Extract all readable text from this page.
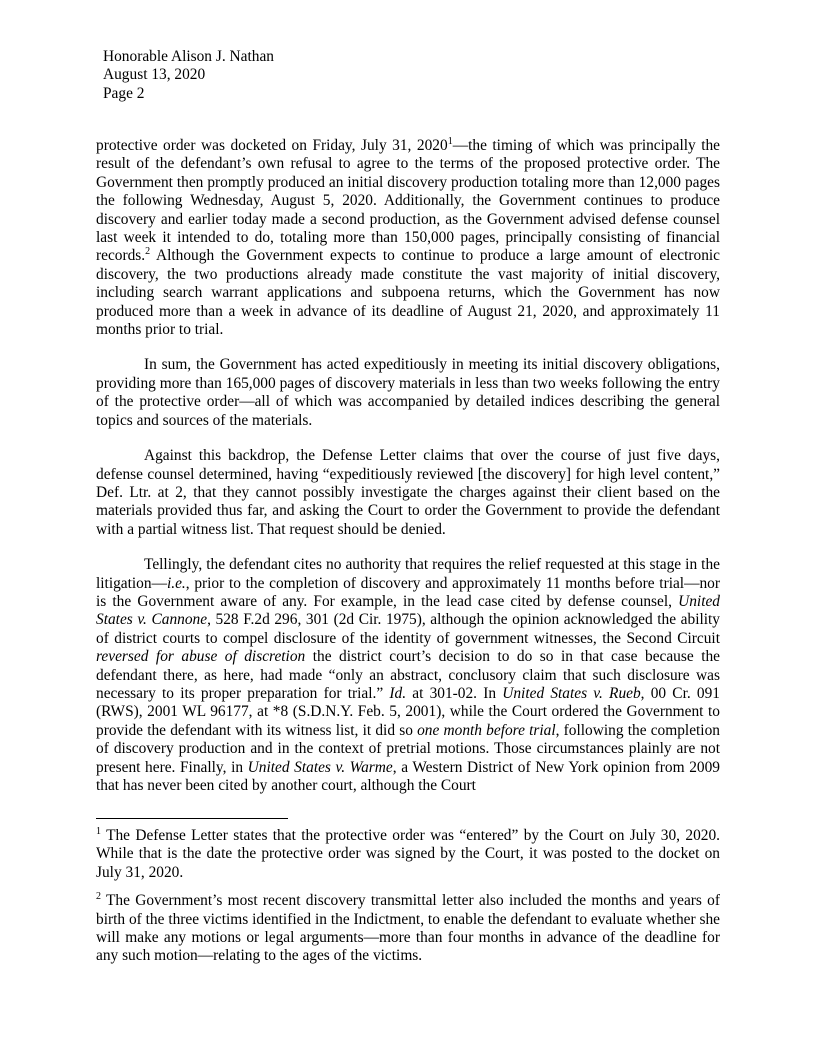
Honorable Alison J. Nathan
August 13, 2020
Page 2

protective order was docketed on Friday, July 31, 2020$^1$—the timing of which was principally the result of the defendant’s own refusal to agree to the terms of the proposed protective order. The Government then promptly produced an initial discovery production totaling more than 12,000 pages the following Wednesday, August 5, 2020. Additionally, the Government continues to produce discovery and earlier today made a second production, as the Government advised defense counsel last week it intended to do, totaling more than 150,000 pages, principally consisting of financial records.$^2$ Although the Government expects to continue to produce a large amount of electronic discovery, the two productions already made constitute the vast majority of initial discovery, including search warrant applications and subpoena returns, which the Government has now produced more than a week in advance of its deadline of August 21, 2020, and approximately 11 months prior to trial.

In sum, the Government has acted expeditiously in meeting its initial discovery obligations, providing more than 165,000 pages of discovery materials in less than two weeks following the entry of the protective order—all of which was accompanied by detailed indices describing the general topics and sources of the materials.

Against this backdrop, the Defense Letter claims that over the course of just five days, defense counsel determined, having “expeditiously reviewed [the discovery] for high level content,” Def. Ltr. at 2, that they cannot possibly investigate the charges against their client based on the materials provided thus far, and asking the Court to order the Government to provide the defendant with a partial witness list. That request should be denied.

Tellingly, the defendant cites no authority that requires the relief requested at this stage in the litigation—i.e., prior to the completion of discovery and approximately 11 months before trial—nor is the Government aware of any. For example, in the lead case cited by defense counsel, United States v. Cannone, 528 F.2d 296, 301 (2d Cir. 1975), although the opinion acknowledged the ability of district courts to compel disclosure of the identity of government witnesses, the Second Circuit reversed for abuse of discretion the district court’s decision to do so in that case because the defendant there, as here, had made “only an abstract, conclusory claim that such disclosure was necessary to its proper preparation for trial.” Id. at 301-02. In United States v. Rueb, 00 Cr. 091 (RWS), 2001 WL 96177, at *8 (S.D.N.Y. Feb. 5, 2001), while the Court ordered the Government to provide the defendant with its witness list, it did so one month before trial, following the completion of discovery production and in the context of pretrial motions. Those circumstances plainly are not present here. Finally, in United States v. Warme, a Western District of New York opinion from 2009 that has never been cited by another court, although the Court

$^1$ The Defense Letter states that the protective order was “entered” by the Court on July 30, 2020. While that is the date the protective order was signed by the Court, it was posted to the docket on July 31, 2020.

$^2$ The Government’s most recent discovery transmittal letter also included the months and years of birth of the three victims identified in the Indictment, to enable the defendant to evaluate whether she will make any motions or legal arguments—more than four months in advance of the deadline for any such motion—relating to the ages of the victims.
